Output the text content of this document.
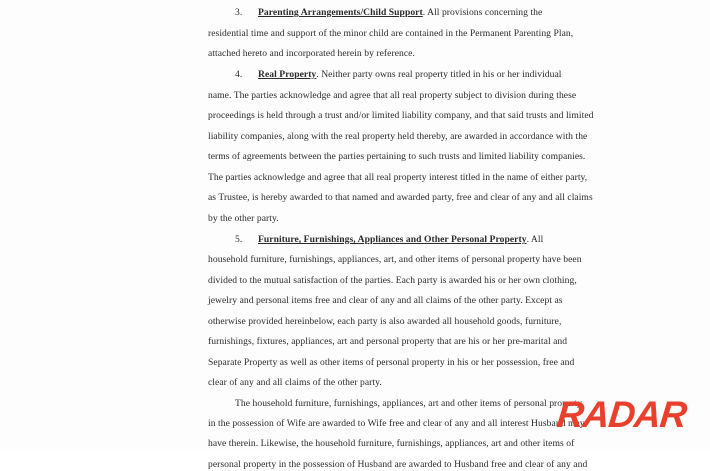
3. Parenting Arrangements/Child Support. All provisions concerning the
residential time and support of the minor child are contained in the Permanent Parenting Plan,
attached hereto and incorporated herein by reference.
4. Real Property. Neither party owns real property titled in his or her individual
name. The parties acknowledge and agree that all real property subject to division during these
proceedings is held through a trust and/or limited liability company, and that said trusts and limited
liability companies, along with the real property held thereby, are awarded in accordance with the
terms of agreements between the parties pertaining to such trusts and limited liability companies.
The parties acknowledge and agree that all real property interest titled in the name of either party,
as Trustee, is hereby awarded to that named and awarded party, free and clear of any and all claims
by the other party.
5. Furniture, Furnishings, Appliances and Other Personal Property. All
household furniture, furnishings, appliances, art, and other items of personal property have been
divided to the mutual satisfaction of the parties. Each party is awarded his or her own clothing,
jewelry and personal items free and clear of any and all claims of the other party. Except as
otherwise provided hereinbelow, each party is also awarded all household goods, furniture,
furnishings, fixtures, appliances, art and personal property that are his or her pre-marital and
Separate Property as well as other items of personal property in his or her possession, free and
clear of any and all claims of the other party.
The household furniture, furnishings, appliances, art and other items of personal property
in the possession of Wife are awarded to Wife free and clear of any and all interest Husband may
have therein. Likewise, the household furniture, furnishings, appliances, art and other items of
personal property in the possession of Husband are awarded to Husband free and clear of any and
RADAR
